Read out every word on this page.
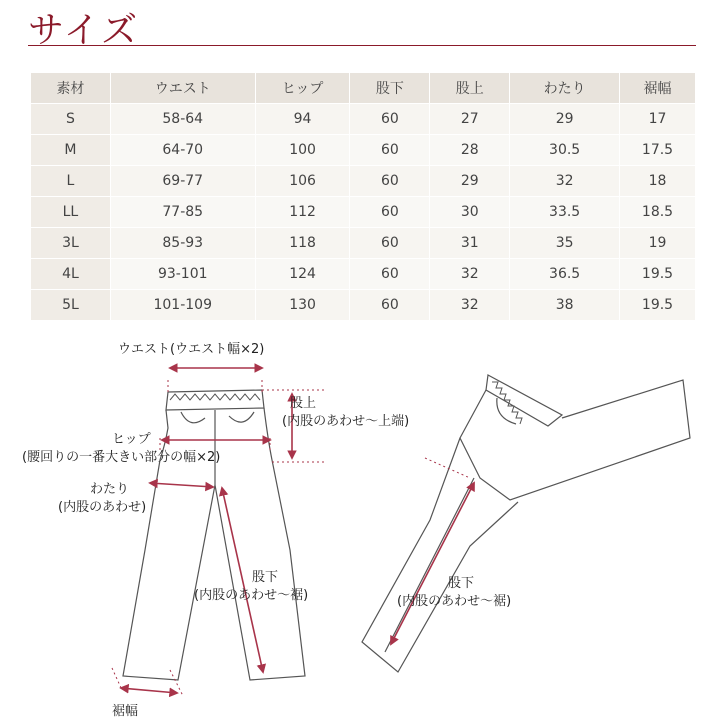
サイズ
素材	ウエスト	ヒップ	股下	股上	わたり	裾幅
S	58-64	94	60	27	29	17
M	64-70	100	60	28	30.5	17.5
L	69-77	106	60	29	32	18
LL	77-85	112	60	30	33.5	18.5
3L	85-93	118	60	31	35	19
4L	93-101	124	60	32	36.5	19.5
5L	101-109	130	60	32	38	19.5
ウエスト(ウエスト幅×2)
股上
(内股のあわせ〜上端)
ヒップ
(腰回りの一番大きい部分の幅×2)
わたり
(内股のあわせ)
股下
(内股のあわせ〜裾)
裾幅
股下
(内股のあわせ〜裾)
